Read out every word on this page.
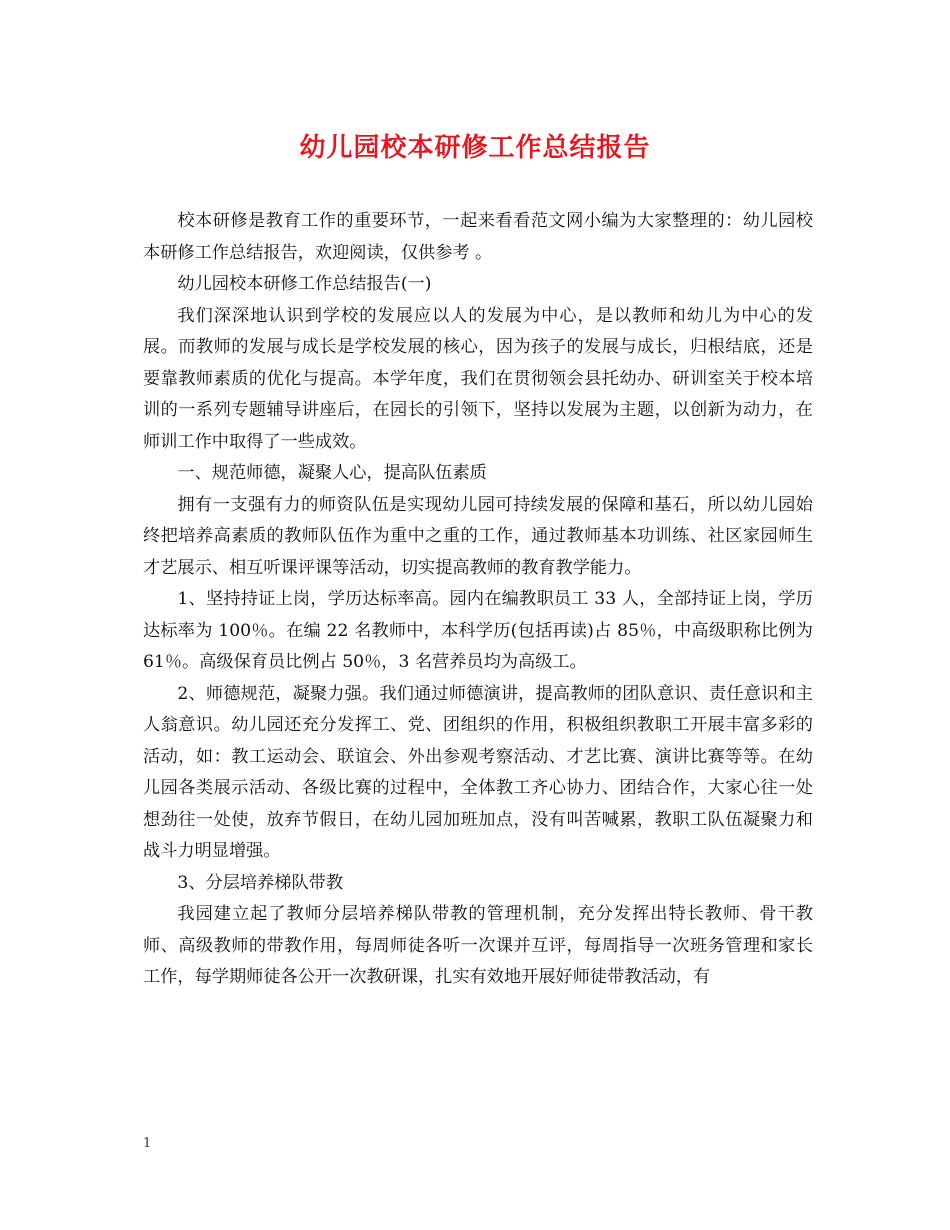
幼儿园校本研修工作总结报告

校本研修是教育工作的重要环节，一起来看看范文网小编为大家整理的：幼儿园校本研修工作总结报告，欢迎阅读，仅供参考 。

幼儿园校本研修工作总结报告(一)

我们深深地认识到学校的发展应以人的发展为中心，是以教师和幼儿为中心的发展。而教师的发展与成长是学校发展的核心，因为孩子的发展与成长，归根结底，还是要靠教师素质的优化与提高。本学年度，我们在贯彻领会县托幼办、研训室关于校本培训的一系列专题辅导讲座后，在园长的引领下，坚持以发展为主题，以创新为动力，在师训工作中取得了一些成效。

一、规范师德，凝聚人心，提高队伍素质

拥有一支强有力的师资队伍是实现幼儿园可持续发展的保障和基石，所以幼儿园始终把培养高素质的教师队伍作为重中之重的工作，通过教师基本功训练、社区家园师生才艺展示、相互听课评课等活动，切实提高教师的教育教学能力。

1、坚持持证上岗，学历达标率高。园内在编教职员工 33 人，全部持证上岗，学历达标率为 100％。在编 22 名教师中，本科学历(包括再读)占 85％，中高级职称比例为 61％。高级保育员比例占 50％，3 名营养员均为高级工。

2、师德规范，凝聚力强。我们通过师德演讲，提高教师的团队意识、责任意识和主人翁意识。幼儿园还充分发挥工、党、团组织的作用，积极组织教职工开展丰富多彩的活动，如：教工运动会、联谊会、外出参观考察活动、才艺比赛、演讲比赛等等。在幼儿园各类展示活动、各级比赛的过程中，全体教工齐心协力、团结合作，大家心往一处想劲往一处使，放弃节假日，在幼儿园加班加点，没有叫苦喊累，教职工队伍凝聚力和战斗力明显增强。

3、分层培养梯队带教

我园建立起了教师分层培养梯队带教的管理机制，充分发挥出特长教师、骨干教师、高级教师的带教作用，每周师徒各听一次课并互评，每周指导一次班务管理和家长工作，每学期师徒各公开一次教研课，扎实有效地开展好师徒带教活动，有

1
